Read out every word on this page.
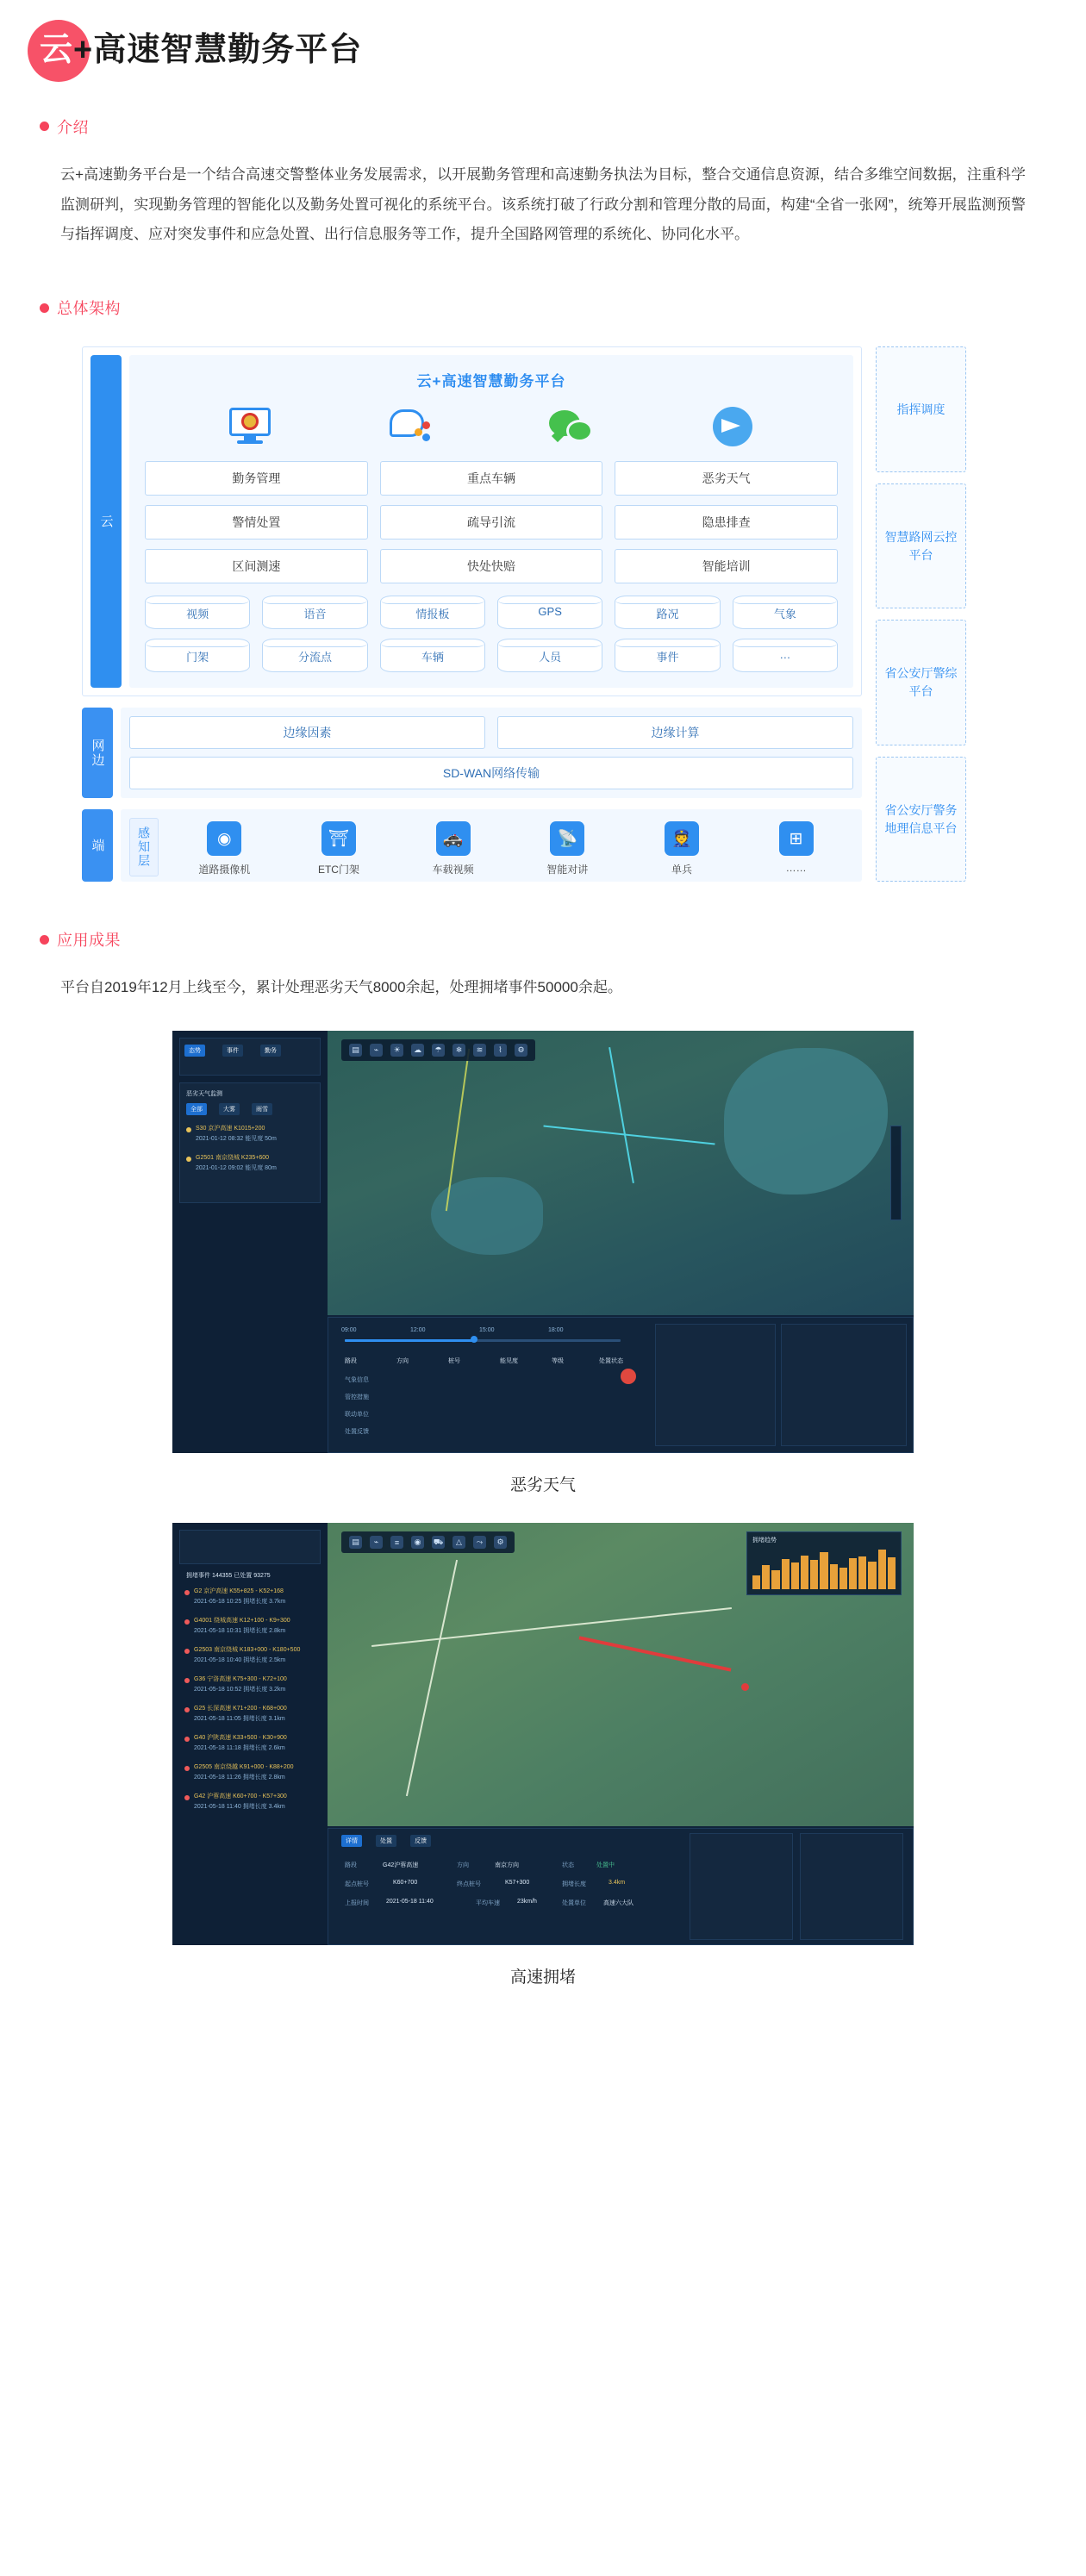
云+高速智慧勤务平台
介绍

云+高速勤务平台是一个结合高速交警整体业务发展需求，以开展勤务管理和高速勤务执法为目标，整合交通信息资源，结合多维空间数据，注重科学监测研判，实现勤务管理的智能化以及勤务处置可视化的系统平台。该系统打破了行政分割和管理分散的局面，构建“全省一张网”，统筹开展监测预警与指挥调度、应对突发事件和应急处置、出行信息服务等工作，提升全国路网管理的系统化、协同化水平。

总体架构
云
云+高速智慧勤务平台
勤务管理	重点车辆	恶劣天气
警情处置	疏导引流	隐患排查
区间测速	快处快赔	智能培训
视频	语音	情报板	GPS	路况	气象
门架	分流点	车辆	人员	事件	…
网边
边缘因素	边缘计算
SD-WAN网络传输
端	感知层	◉
道路摄像机
⛩
ETC门架
🚓
车载视频
📡
智能对讲
👮
单兵
⊞
……
指挥调度
智慧路网云控平台
省公安厅警综平台
省公安厅警务地理信息平台
应用成果

平台自2019年12月上线至今，累计处理恶劣天气8000余起，处理拥堵事件50000余起。

态势	事件	勤务
恶劣天气监测
全部	大雾	雨雪
S30 京沪高速 K1015+200
2021-01-12 08:32 能见度 50m
G2501 南京绕城 K235+600
2021-01-12 09:02 能见度 80m
▤	⌁	☀	☁	☂	❄	≋	⌇	⚙
09:00	12:00	15:00	18:00
路段	方向	桩号	能见度	等级	处置状态
气象信息
管控措施
联动单位
处置反馈
恶劣天气
拥堵事件 144355 已处置 93275
G2 京沪高速 K55+825 - K52+168
2021-05-18 10:25 拥堵长度 3.7km
G4001 绕城高速 K12+100 - K9+300
2021-05-18 10:31 拥堵长度 2.8km
G2503 南京绕城 K183+000 - K180+500
2021-05-18 10:40 拥堵长度 2.5km
G36 宁洛高速 K75+300 - K72+100
2021-05-18 10:52 拥堵长度 3.2km
G25 长深高速 K71+200 - K68+000
2021-05-18 11:05 拥堵长度 3.1km
G40 沪陕高速 K33+500 - K30+900
2021-05-18 11:18 拥堵长度 2.6km
G2505 南京绕越 K91+000 - K88+200
2021-05-18 11:26 拥堵长度 2.8km
G42 沪蓉高速 K60+700 - K57+300
2021-05-18 11:40 拥堵长度 3.4km
▤	⌁	≡	◉	⛟	△	⤳	⚙	拥堵趋势
详情	处置	反馈
路段	G42沪蓉高速	方向	南京方向	状态	处置中
起点桩号	K60+700	终点桩号	K57+300	拥堵长度	3.4km
上报时间	2021-05-18 11:40	平均车速	23km/h	处置单位	高速六大队
高速拥堵
